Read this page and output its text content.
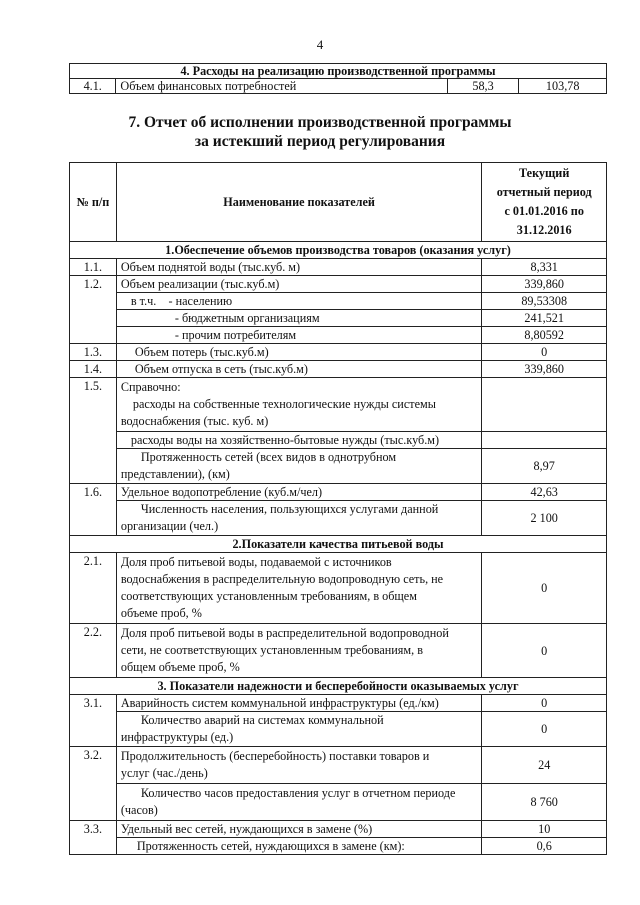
4
4. Расходы на реализацию производственной программы
4.1.	Объем финансовых потребностей	58,3	103,78
7. Отчет об исполнении производственной программы
за истекший период регулирования
№ п/п	Наименование показателей	Текущий
отчетный период
с 01.01.2016 по
31.12.2016

1.Обеспечение объемов производства товаров (оказания услуг)		
1.1.	Объем поднятой воды (тыс.куб. м)	8,331
1.2.	Объем реализации (тыс.куб.м)	339,860
	в т.ч.    - населению	89,53308
	- бюджетным организациям	241,521
	- прочим потребителям	8,80592
1.3.	Объем потерь (тыс.куб.м)	0
1.4.	Объем отпуска в сеть (тыс.куб.м)	339,860
1.5.	Справочно:
расходы на собственные технологические нужды системы
водоснабжения (тыс. куб. м)	

	расходы воды на хозяйственно-бытовые нужды (тыс.куб.м)	

	Протяженность сетей (всех видов в однотрубном
представлении), (км)	8,97
1.6.	Удельное водопотребление (куб.м/чел)	42,63

	Численность населения, пользующихся услугами данной
организации (чел.)	2 100
2.Показатели качества питьевой воды		
2.1.	Доля проб питьевой воды, подаваемой с источников
водоснабжения в распределительную водопроводную сеть, не
соответствующих установленным требованиям, в общем
объеме проб, %	0
2.2.	Доля проб питьевой воды в распределительной водопроводной
сети, не соответствующих установленным требованиям, в
общем объеме проб, %	0
3. Показатели надежности и бесперебойности оказываемых услуг		
3.1.	Аварийность систем коммунальной инфраструктуры (ед./км)	0

	Количество аварий на системах коммунальной
инфраструктуры (ед.)	0
3.2.	Продолжительность (бесперебойность) поставки товаров и
услуг (час./день)	24

	Количество часов предоставления услуг в отчетном периоде
(часов)	8 760
3.3.	Удельный вес сетей, нуждающихся в замене (%)	10
	Протяженность сетей, нуждающихся в замене (км):	0,6
